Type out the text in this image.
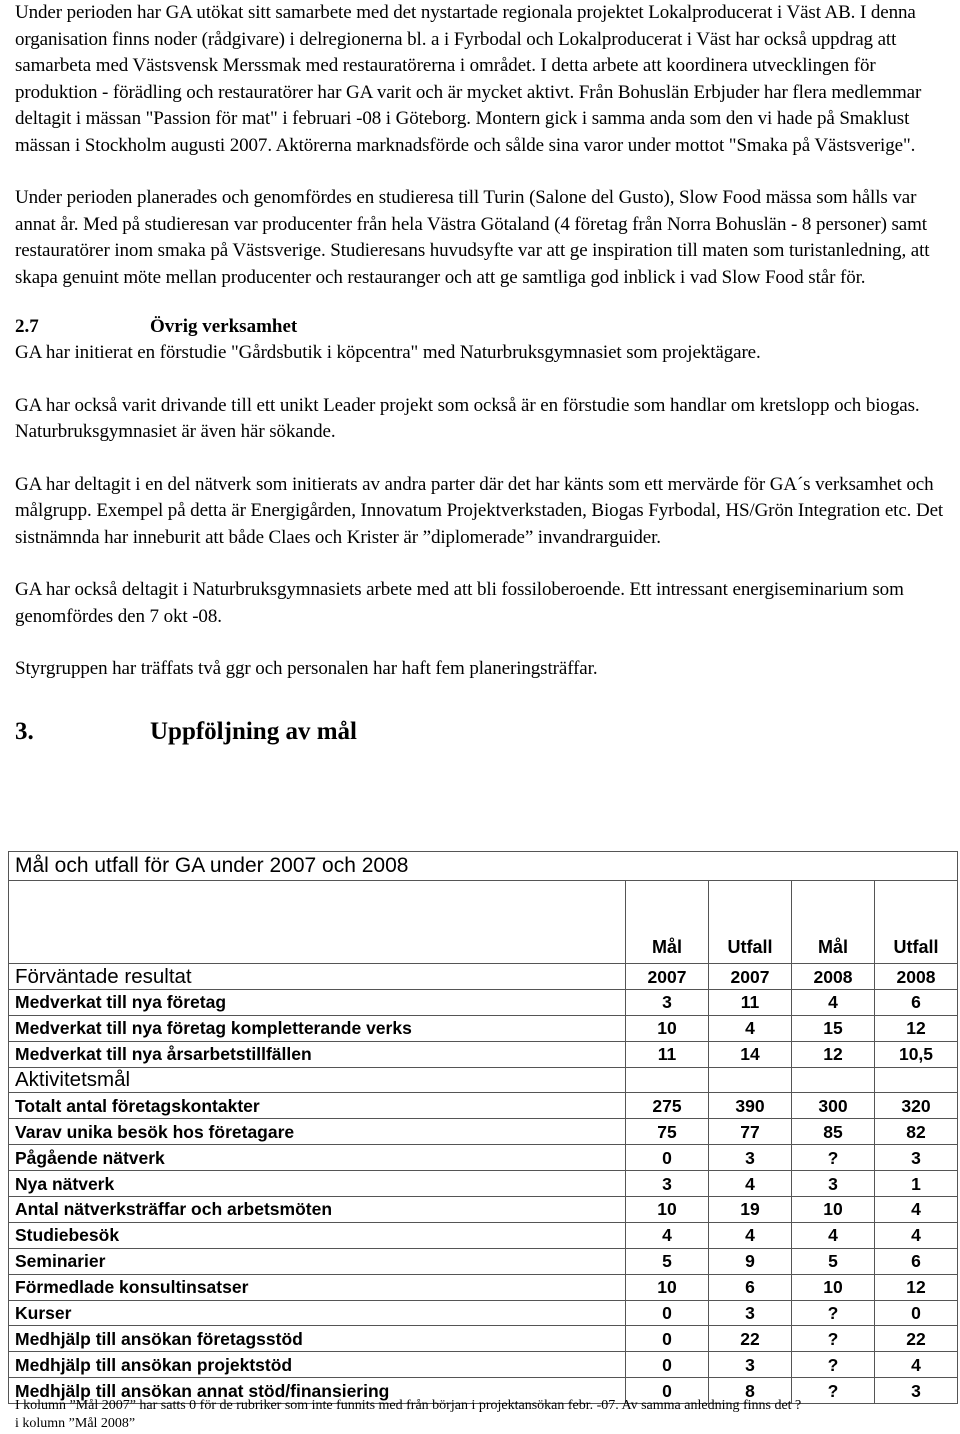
Under perioden har GA utökat sitt samarbete med det nystartade regionala projektet Lokalproducerat i Väst AB. I denna organisation finns noder (rådgivare) i delregionerna bl. a i Fyrbodal och Lokalproducerat i Väst har också uppdrag att samarbeta med Västsvensk Merssmak med restauratörerna i området. I detta arbete att koordinera utvecklingen för produktion - förädling och restauratörer har GA varit och är mycket aktivt. Från Bohuslän Erbjuder har flera medlemmar deltagit i mässan "Passion för mat" i februari -08 i Göteborg. Montern gick i samma anda som den vi hade på Smaklust mässan i Stockholm augusti 2007. Aktörerna marknadsförde och sålde sina varor under mottot "Smaka på Västsverige".

Under perioden planerades och genomfördes en studieresa till Turin (Salone del Gusto), Slow Food mässa som hålls var annat år. Med på studieresan var producenter från hela Västra Götaland (4 företag från Norra Bohuslän - 8 personer) samt restauratörer inom smaka på Västsverige. Studieresans huvudsyfte var att ge inspiration till maten som turistanledning, att skapa genuint möte mellan producenter och restauranger och att ge samtliga god inblick i vad Slow Food står för.

2.7	Övrig verksamhet

GA har initierat en förstudie "Gårdsbutik i köpcentra" med Naturbruksgymnasiet som projektägare.

GA har också varit drivande till ett unikt Leader projekt som också är en förstudie som handlar om kretslopp och biogas. Naturbruksgymnasiet är även här sökande.

GA har deltagit i en del nätverk som initierats av andra parter där det har känts som ett mervärde för GA´s verksamhet och målgrupp. Exempel på detta är Energigården, Innovatum Projektverkstaden, Biogas Fyrbodal, HS/Grön Integration etc. Det sistnämnda har inneburit att både Claes och Krister är ”diplomerade” invandrarguider.

GA har också deltagit i Naturbruksgymnasiets arbete med att bli fossiloberoende. Ett intressant energiseminarium som genomfördes den 7 okt -08.

Styrgruppen har träffats två ggr och personalen har haft fem planeringsträffar.

3.	Uppföljning av mål
Mål och utfall för GA under 2007 och 2008				
	Mål	Utfall	Mål	Utfall
Förväntade resultat	2007	2007	2008	2008
Medverkat till nya företag	3	11	4	6
Medverkat till nya företag kompletterande verks	10	4	15	12
Medverkat till nya årsarbetstillfällen	11	14	12	10,5
Aktivitetsmål				
Totalt antal företagskontakter	275	390	300	320
Varav unika besök hos företagare	75	77	85	82
Pågående nätverk	0	3	?	3
Nya nätverk	3	4	3	1
Antal nätverksträffar och arbetsmöten	10	19	10	4
Studiebesök	4	4	4	4
Seminarier	5	9	5	6
Förmedlade konsultinsatser	10	6	10	12
Kurser	0	3	?	0
Medhjälp till ansökan företagsstöd	0	22	?	22
Medhjälp till ansökan projektstöd	0	3	?	4
Medhjälp till ansökan annat stöd/finansiering	0	8	?	3
I kolumn ”Mål 2007” har satts 0 för de rubriker som inte funnits med från början i projektansökan febr. -07. Av samma anledning finns det ?
i kolumn ”Mål 2008”
